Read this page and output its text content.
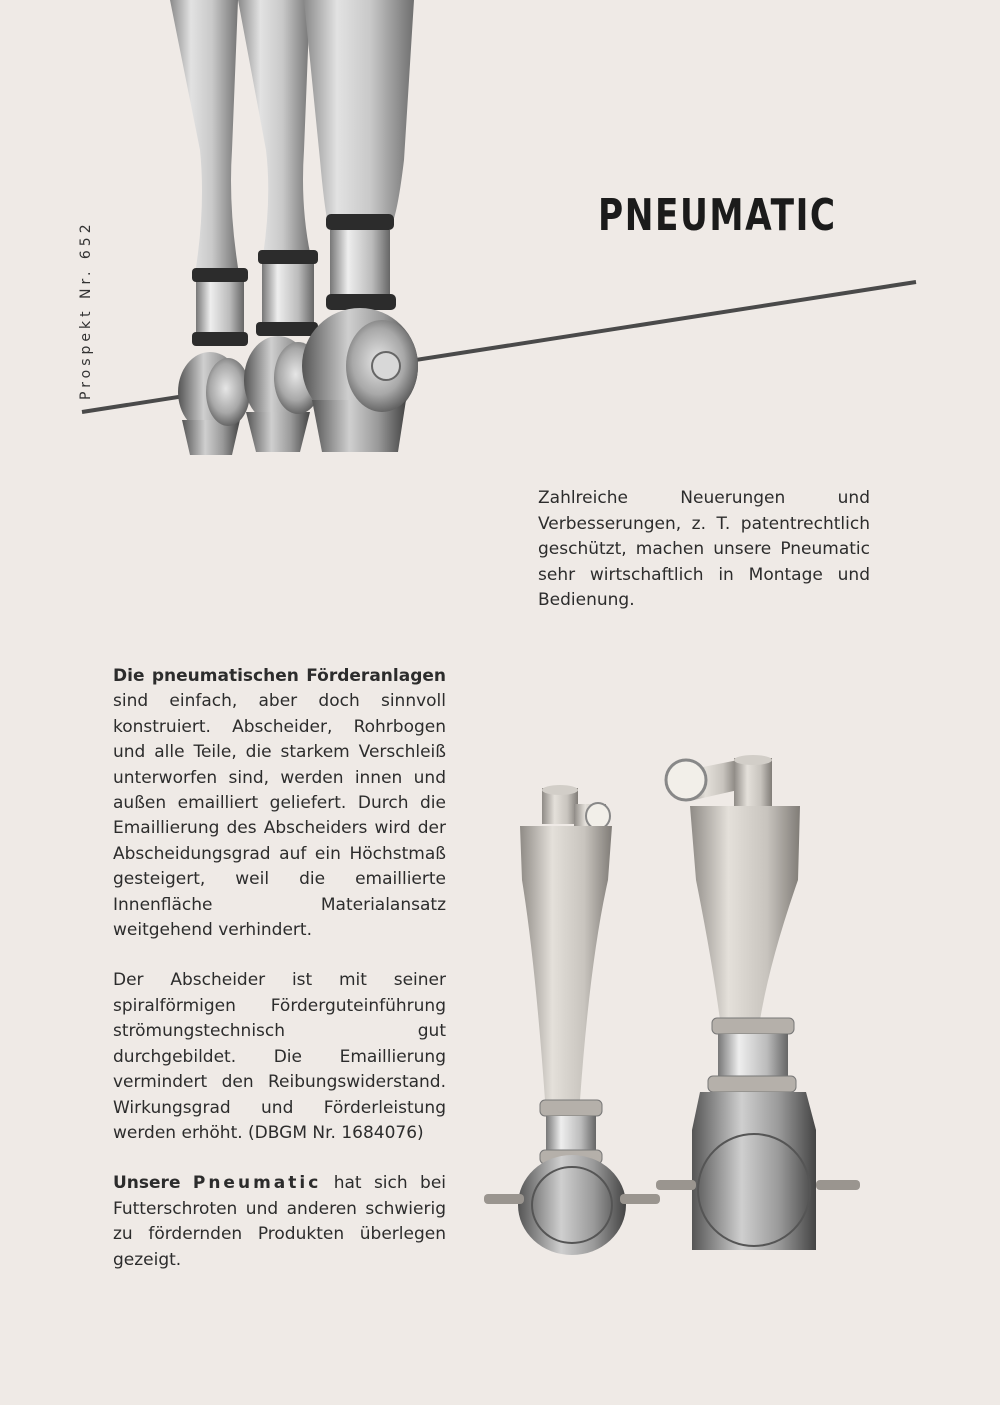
Prospekt Nr. 652
PNEUMATIC
Zahlreiche Neuerungen und Verbesserungen, z. T. patentrechtlich geschützt, machen unsere Pneumatic sehr wirtschaftlich in Montage und Bedienung.

Die pneumatischen Förderanlagen sind einfach, aber doch sinnvoll konstruiert. Abscheider, Rohrbogen und alle Teile, die starkem Verschleiß unterworfen sind, werden innen und außen emailliert geliefert. Durch die Emaillierung des Abscheiders wird der Abscheidungsgrad auf ein Höchstmaß gesteigert, weil die emaillierte Innenfläche Materialansatz weitgehend verhindert.

Der Abscheider ist mit seiner spiralförmigen Förderguteinführung strömungstechnisch gut durchgebildet. Die Emaillierung vermindert den Reibungswiderstand. Wirkungsgrad und Förderleistung werden erhöht. (DBGM Nr. 1684076)

Unsere Pneumatic hat sich bei Futterschroten und anderen schwierig zu fördernden Produkten überlegen gezeigt.
